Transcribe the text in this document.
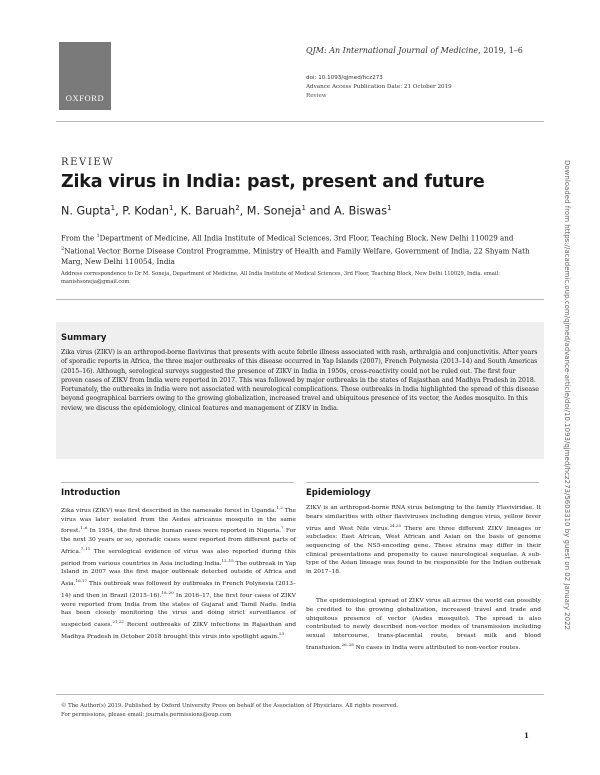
OXFORD
QJM: An International Journal of Medicine, 2019, 1–6
doi: 10.1093/qjmed/hcz273
Advance Access Publication Date: 21 October 2019
Review
REVIEW
Zika virus in India: past, present and future
N. Gupta$^1$, P. Kodan$^1$, K. Baruah$^2$, M. Soneja$^1$ and A. Biswas$^1$
From the $^1$Department of Medicine, All India Institute of Medical Sciences, 3rd Floor, Teaching Block, New Delhi 110029 and $^2$National Vector Borne Disease Control Programme, Ministry of Health and Family Welfare, Government of India, 22 Shyam Nath Marg, New Delhi 110054, India
Address correspondence to Dr M. Soneja, Department of Medicine, All India Institute of Medical Sciences, 3rd Floor, Teaching Block, New Delhi 110029, India. email: manishsoneja@gmail.com
Summary
Zika virus (ZIKV) is an arthropod-borne flavivirus that presents with acute febrile illness associated with rash, arthralgia and conjunctivitis. After years of sporadic reports in Africa, the three major outbreaks of this disease occurred in Yap Islands (2007), French Polynesia (2013–14) and South Americas (2015–16). Although, serological surveys suggested the presence of ZIKV in India in 1950s, cross-reactivity could not be ruled out. The first four proven cases of ZIKV from India were reported in 2017. This was followed by major outbreaks in the states of Rajasthan and Madhya Pradesh in 2018. Fortunately, the outbreaks in India were not associated with neurological complications. These outbreaks in India highlighted the spread of this disease beyond geographical barriers owing to the growing globalization, increased travel and ubiquitous presence of its vector, the Aedes mosquito. In this review, we discuss the epidemiology, clinical features and management of ZIKV in India.
Introduction
Zika virus (ZIKV) was first described in the namesake forest in Uganda.$^{1,2}$ The virus was later isolated from the Aedes africanus mosquito in the same forest.$^{1-6}$ In 1954, the first three human cases were reported in Nigeria.$^7$ For the next 30 years or so, sporadic cases were reported from different parts of Africa.$^{7-11}$ The serological evidence of virus was also reported during this period from various countries in Asia including India.$^{12-15}$ The outbreak in Yap Island in 2007 was the first major outbreak detected outside of Africa and Asia.$^{16,17}$ This outbreak was followed by outbreaks in French Polynesia (2013–14) and then in Brazil (2015–16).$^{18-20}$ In 2016–17, the first four cases of ZIKV were reported from India from the states of Gujarat and Tamil Nadu. India has been closely monitoring the virus and doing strict surveillance of suspected cases.$^{21,22}$ Recent outbreaks of ZIKV infections in Rajasthan and Madhya Pradesh in October 2018 brought this virus into spotlight again.$^{23}$
Epidemiology
ZIKV is an arthropod-borne RNA virus belonging to the family Flaviviridae. It bears similarities with other flaviviruses including dengue virus, yellow fever virus and West Nile virus.$^{24,25}$ There are three different ZIKV lineages or subclades: East African, West African and Asian on the basis of genome sequencing of the NS5-encoding gene. These strains may differ in their clinical presentations and propensity to cause neurological sequelae. A sub-type of the Asian lineage was found to be responsible for the Indian outbreak in 2017–18.
The epidemiological spread of ZIKV virus all across the world can possibly be credited to the growing globalization, increased travel and trade and ubiquitous presence of vector (Aedes mosquito). The spread is also contributed to newly described non-vector modes of transmission including sexual intercourse, trans-placental route, breast milk and blood transfusion.$^{26-28}$ No cases in India were attributed to non-vector routes.
© The Author(s) 2019. Published by Oxford University Press on behalf of the Association of Physicians. All rights reserved.
For permissions, please email: journals.permissions@oup.com
1
Downloaded from https://academic.oup.com/qjmed/advance-article/doi/10.1093/qjmed/hcz273/5603310 by guest on 02 January 2022
